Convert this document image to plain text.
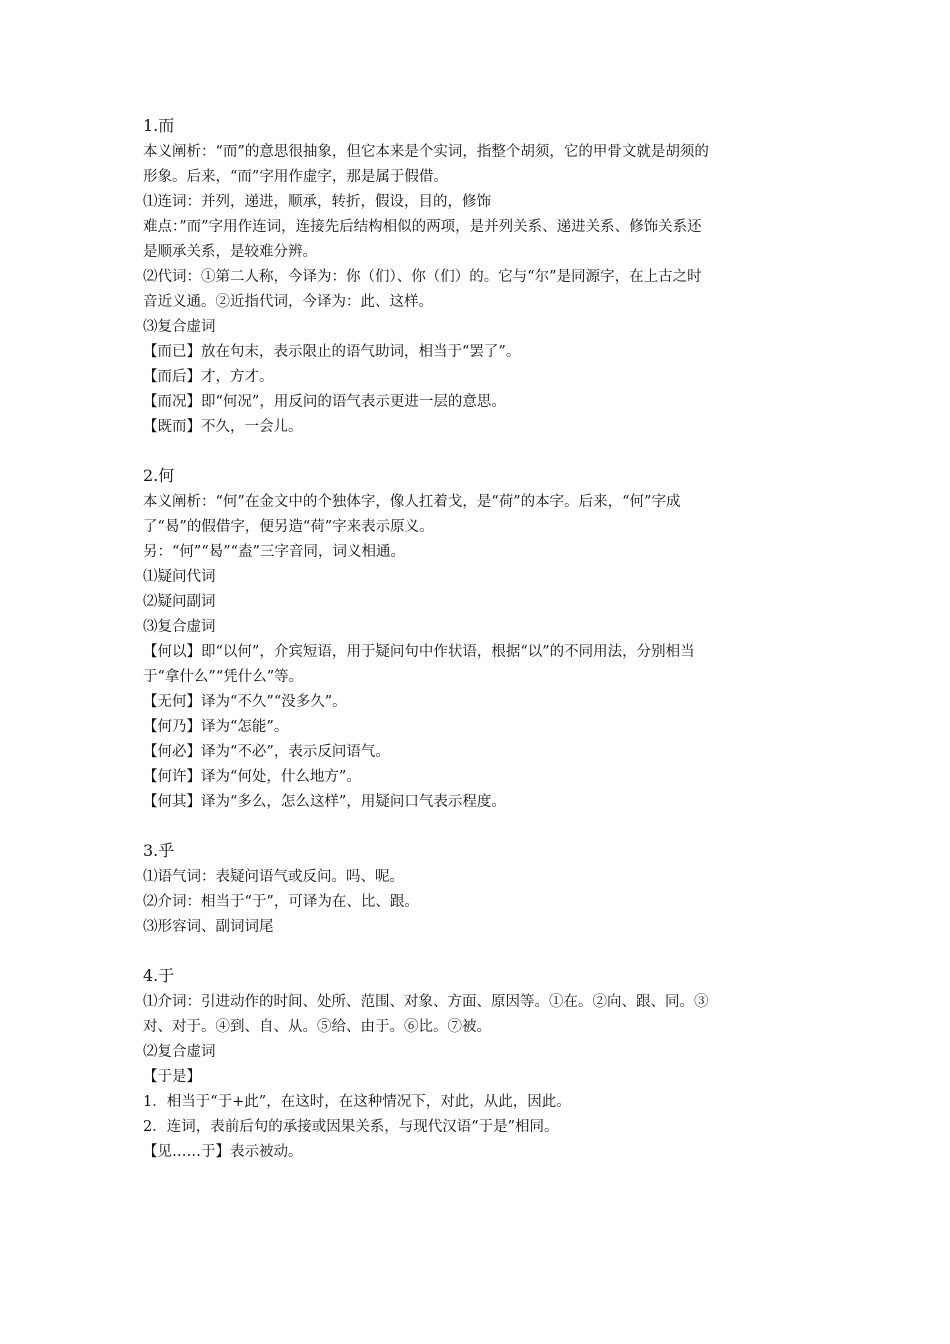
1.而
本义阐析：“而”的意思很抽象，但它本来是个实词，指整个胡须，它的甲骨文就是胡须的
形象。后来，“而”字用作虚字，那是属于假借。
⑴连词：并列，递进，顺承，转折，假设，目的，修饰
难点：”而”字用作连词，连接先后结构相似的两项，是并列关系、递进关系、修饰关系还
是顺承关系，是较难分辨。
⑵代词：①第二人称，今译为：你（们）、你（们）的。它与“尔”是同源字，在上古之时
音近义通。②近指代词，今译为：此、这样。
⑶复合虚词
【而已】放在句末，表示限止的语气助词，相当于“罢了”。
【而后】才，方才。
【而况】即“何况”，用反问的语气表示更进一层的意思。
【既而】不久，一会儿。
2.何
本义阐析：“何”在金文中的个独体字，像人扛着戈，是“荷”的本字。后来，“何”字成
了“曷”的假借字，便另造“荷”字来表示原义。
另：“何”“曷”“盍”三字音同，词义相通。
⑴疑问代词
⑵疑问副词
⑶复合虚词
【何以】即“以何”，介宾短语，用于疑问句中作状语，根据“以”的不同用法，分别相当
于“拿什么”“凭什么”等。
【无何】译为“不久”“没多久”。
【何乃】译为“怎能”。
【何必】译为“不必”，表示反问语气。
【何许】译为“何处，什么地方”。
【何其】译为“多么，怎么这样”，用疑问口气表示程度。
3.乎
⑴语气词：表疑问语气或反问。吗、呢。
⑵介词：相当于“于”，可译为在、比、跟。
⑶形容词、副词词尾
4.于
⑴介词：引进动作的时间、处所、范围、对象、方面、原因等。①在。②向、跟、同。③
对、对于。④到、自、从。⑤给、由于。⑥比。⑦被。
⑵复合虚词
【于是】
1．相当于“于+此”，在这时，在这种情况下，对此，从此，因此。
2．连词，表前后句的承接或因果关系，与现代汉语“于是”相同。
【见……于】表示被动。
